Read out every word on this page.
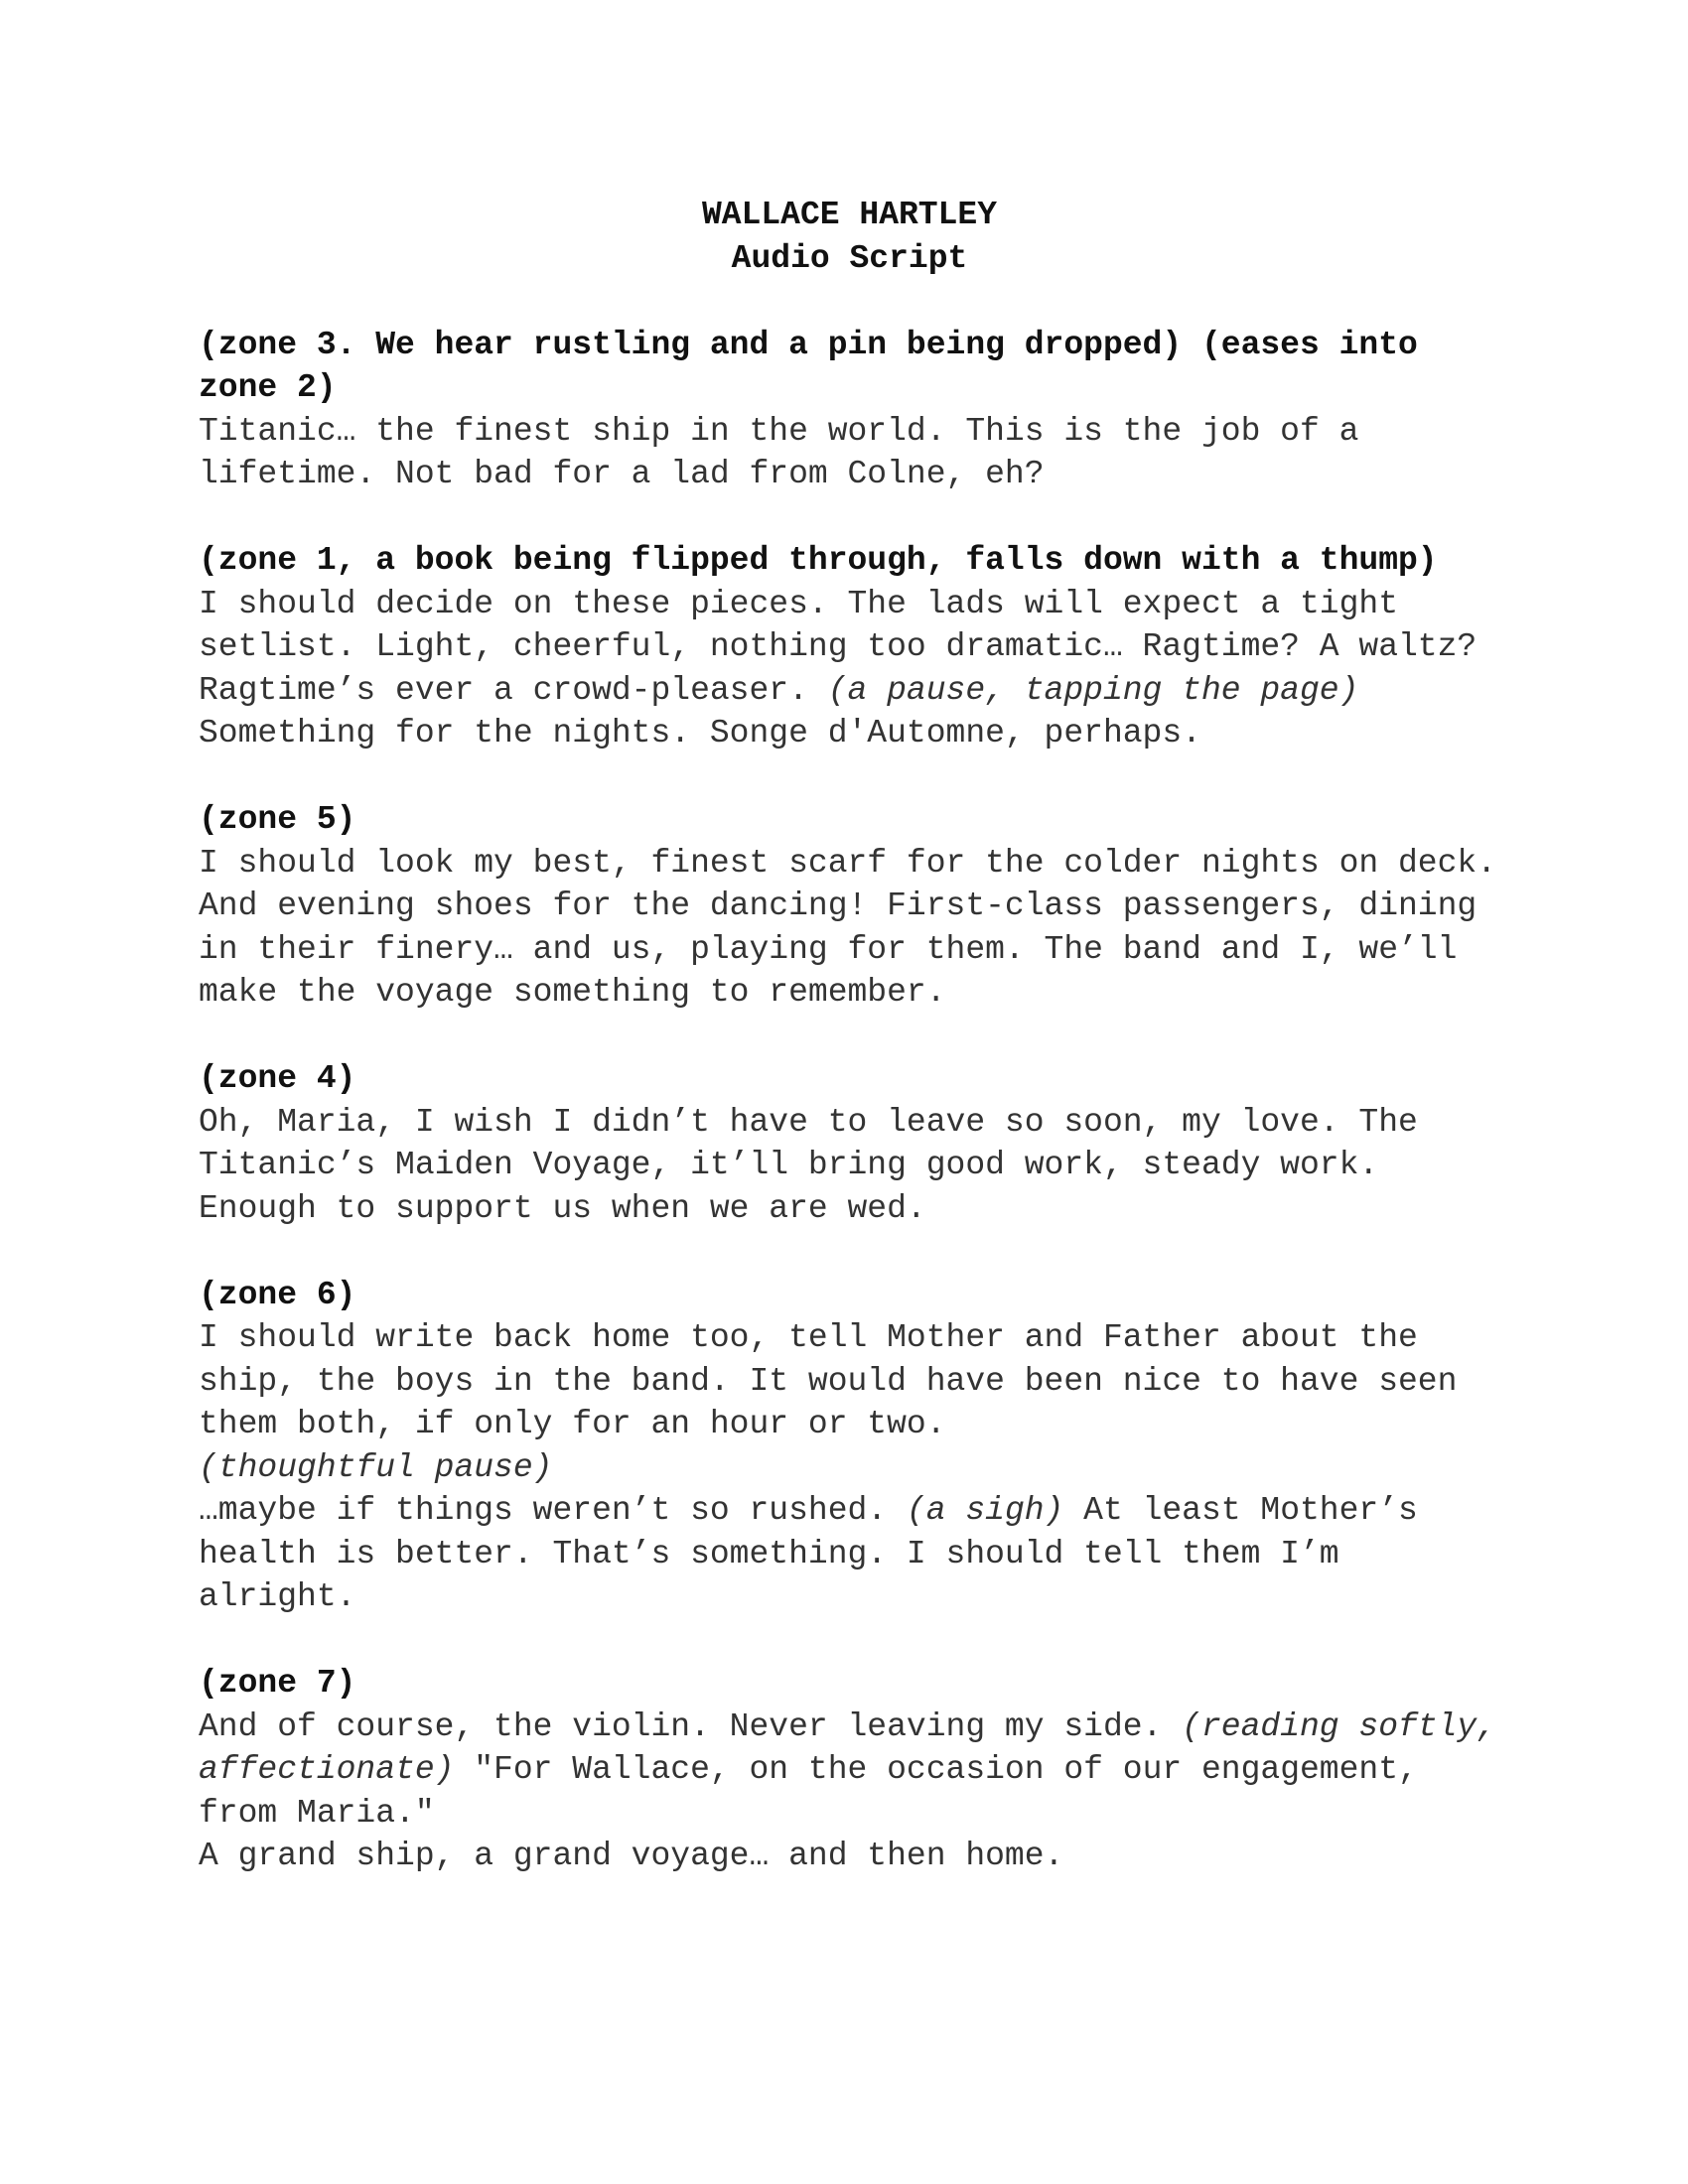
WALLACE HARTLEY
Audio Script
(zone 3. We hear rustling and a pin being dropped) (eases into zone 2)
Titanic… the finest ship in the world. This is the job of a lifetime. Not bad for a lad from Colne, eh?
(zone 1, a book being flipped through, falls down with a thump)
I should decide on these pieces. The lads will expect a tight setlist. Light, cheerful, nothing too dramatic… Ragtime? A waltz? Ragtime’s ever a crowd-pleaser. (a pause, tapping the page) Something for the nights. Songe d'Automne, perhaps.
(zone 5)
I should look my best, finest scarf for the colder nights on deck. And evening shoes for the dancing! First-class passengers, dining in their finery… and us, playing for them. The band and I, we’ll make the voyage something to remember.
(zone 4)
Oh, Maria, I wish I didn’t have to leave so soon, my love. The Titanic’s Maiden Voyage, it’ll bring good work, steady work. Enough to support us when we are wed.
(zone 6)
I should write back home too, tell Mother and Father about the ship, the boys in the band. It would have been nice to have seen them both, if only for an hour or two.
(thoughtful pause)
…maybe if things weren’t so rushed. (a sigh) At least Mother’s health is better. That’s something. I should tell them I’m alright.
(zone 7)
And of course, the violin. Never leaving my side. (reading softly, affectionate) "For Wallace, on the occasion of our engagement, from Maria."
A grand ship, a grand voyage… and then home.
